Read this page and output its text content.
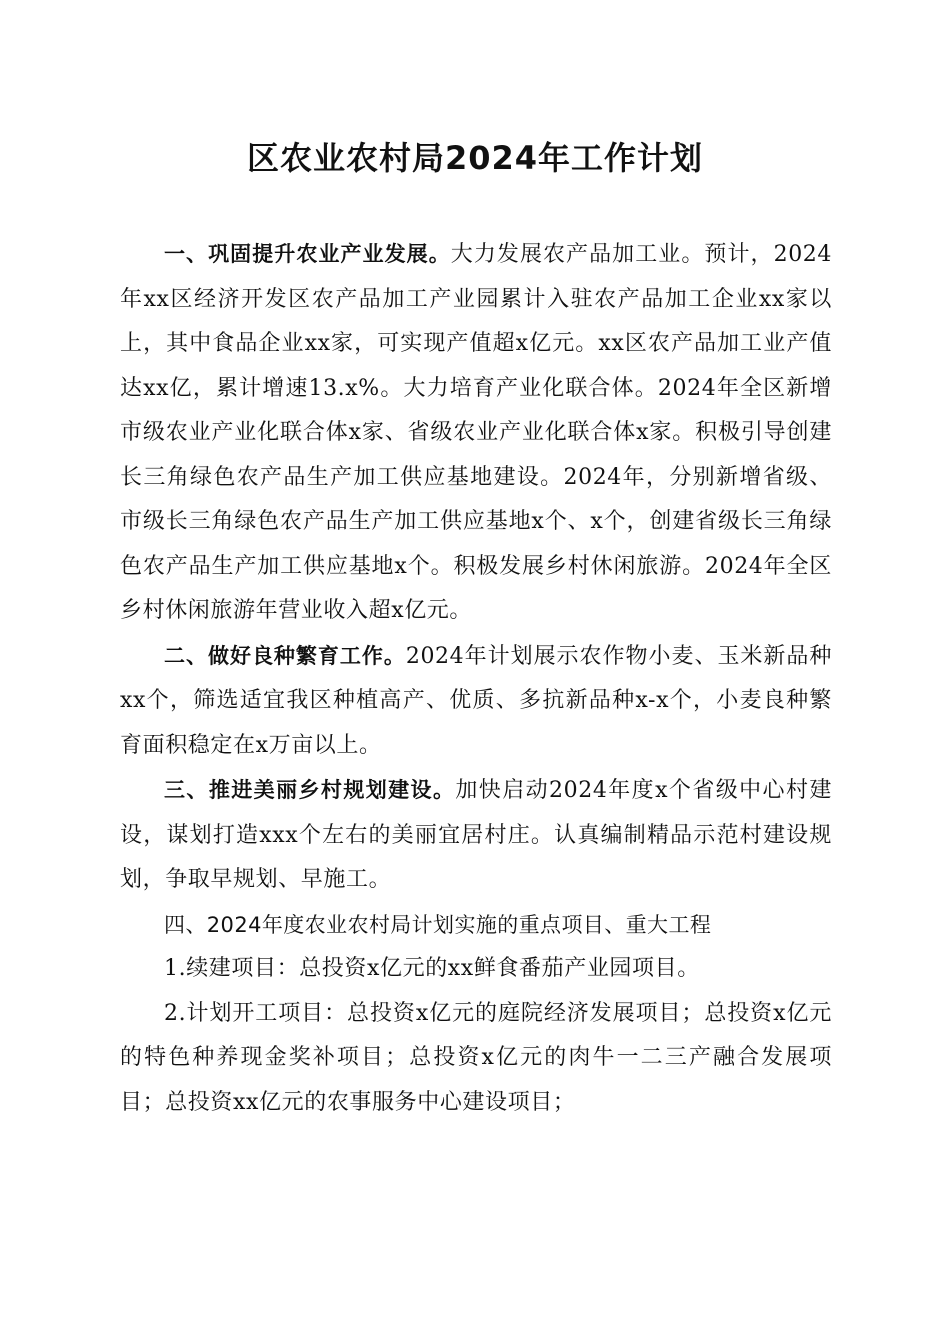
区农业农村局2024年工作计划

一、巩固提升农业产业发展。大力发展农产品加工业。预计，2024年xx区经济开发区农产品加工产业园累计入驻农产品加工企业xx家以上，其中食品企业xx家，可实现产值超x亿元。xx区农产品加工业产值达xx亿，累计增速13.x%。大力培育产业化联合体。2024年全区新增市级农业产业化联合体x家、省级农业产业化联合体x家。积极引导创建长三角绿色农产品生产加工供应基地建设。2024年，分别新增省级、市级长三角绿色农产品生产加工供应基地x个、x个，创建省级长三角绿色农产品生产加工供应基地x个。积极发展乡村休闲旅游。2024年全区乡村休闲旅游年营业收入超x亿元。

二、做好良种繁育工作。2024年计划展示农作物小麦、玉米新品种xx个，筛选适宜我区种植高产、优质、多抗新品种x-x个，小麦良种繁育面积稳定在x万亩以上。

三、推进美丽乡村规划建设。加快启动2024年度x个省级中心村建设，谋划打造xxx个左右的美丽宜居村庄。认真编制精品示范村建设规划，争取早规划、早施工。

四、2024年度农业农村局计划实施的重点项目、重大工程

1.续建项目：总投资x亿元的xx鲜食番茄产业园项目。

2.计划开工项目：总投资x亿元的庭院经济发展项目；总投资x亿元的特色种养现金奖补项目；总投资x亿元的肉牛一二三产融合发展项目；总投资xx亿元的农事服务中心建设项目；
